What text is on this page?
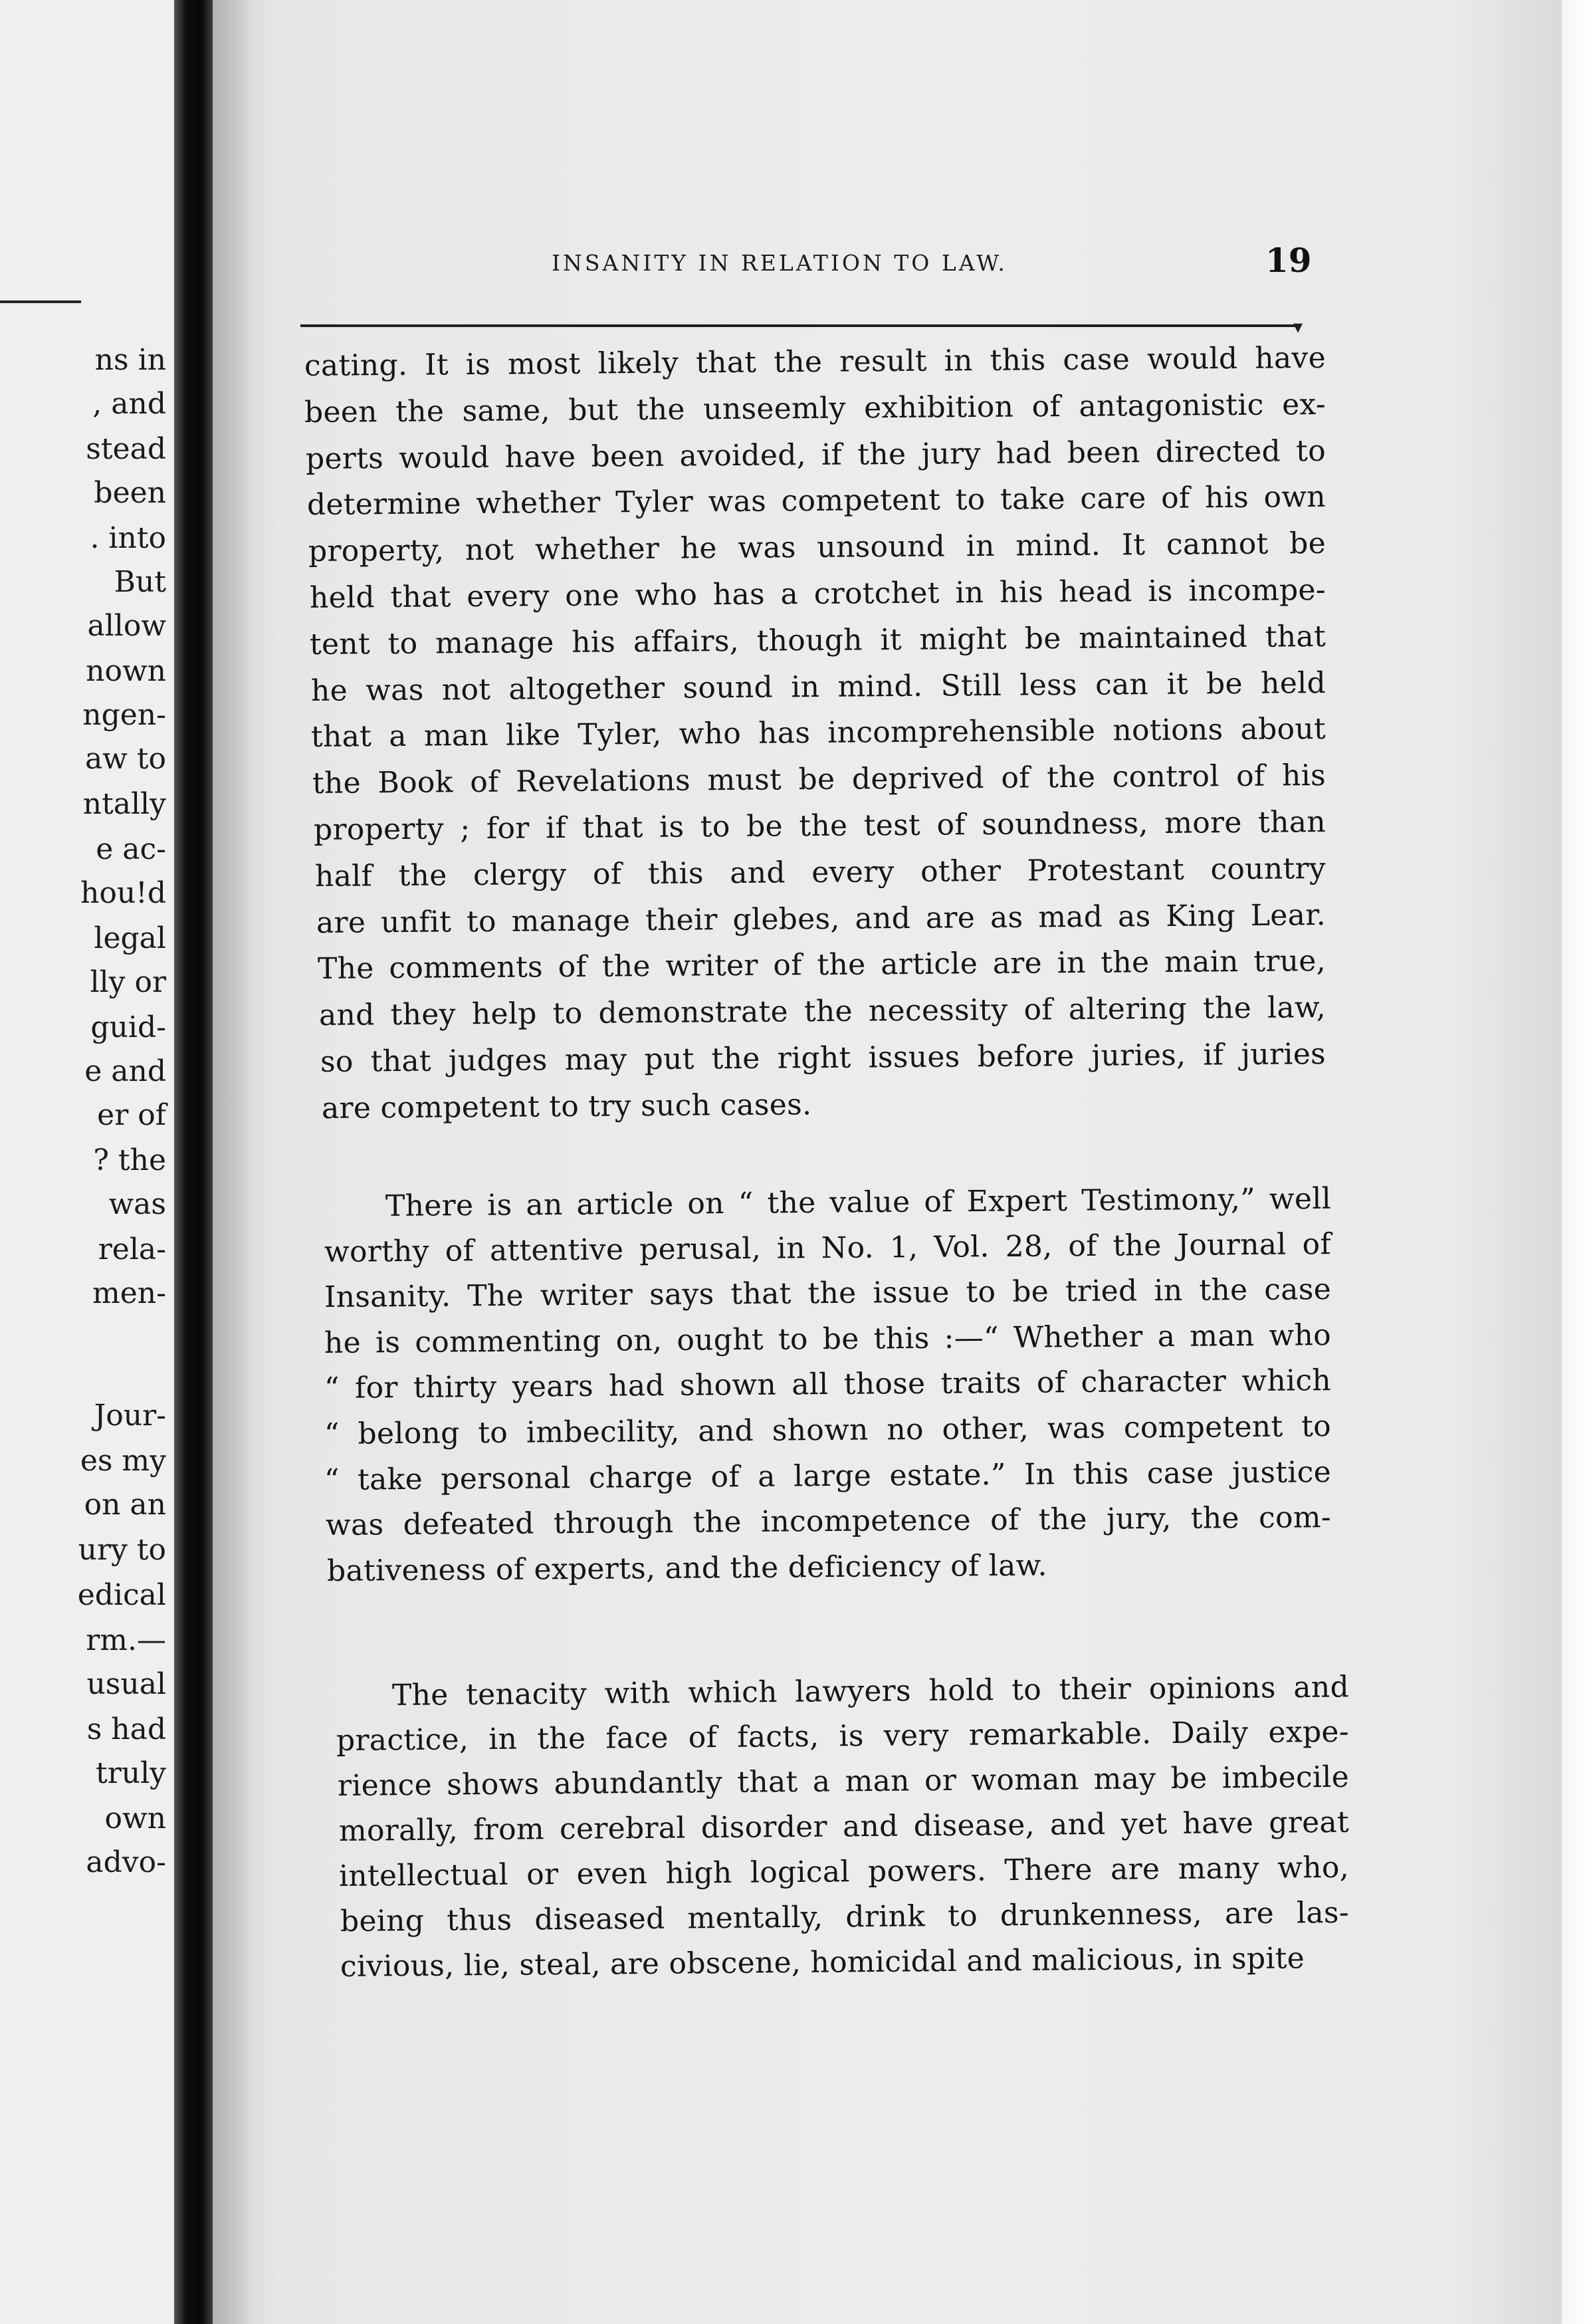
ns in
, and
stead
been
. into
But
allow
nown
ngen-
aw to
ntally
e ac-
hou!d
legal
lly or
guid-
e and
er of
? the
was
rela-
men-
Jour-
es my
on an
ury to
edical
rm.—
usual
s had
truly
own
advo-
INSANITY IN RELATION TO LAW.	19
▾
cating. It is most likely that the result in this case would have
been the same, but the unseemly exhibition of antagonistic ex-
perts would have been avoided, if the jury had been directed to
determine whether Tyler was competent to take care of his own
property, not whether he was unsound in mind. It cannot be
held that every one who has a crotchet in his head is incompe-
tent to manage his affairs, though it might be maintained that
he was not altogether sound in mind. Still less can it be held
that a man like Tyler, who has incomprehensible notions about
the Book of Revelations must be deprived of the control of his
property ; for if that is to be the test of soundness, more than
half the clergy of this and every other Protestant country
are unfit to manage their glebes, and are as mad as King Lear.
The comments of the writer of the article are in the main true,
and they help to demonstrate the necessity of altering the law,
so that judges may put the right issues before juries, if juries
are competent to try such cases.
There is an article on “ the value of Expert Testimony,” well
worthy of attentive perusal, in No. 1, Vol. 28, of the Journal of
Insanity. The writer says that the issue to be tried in the case
he is commenting on, ought to be this :—“ Whether a man who
“ for thirty years had shown all those traits of character which
“ belong to imbecility, and shown no other, was competent to
“ take personal charge of a large estate.” In this case justice
was defeated through the incompetence of the jury, the com-
bativeness of experts, and the deficiency of law.
The tenacity with which lawyers hold to their opinions and
practice, in the face of facts, is very remarkable. Daily expe-
rience shows abundantly that a man or woman may be imbecile
morally, from cerebral disorder and disease, and yet have great
intellectual or even high logical powers. There are many who,
being thus diseased mentally, drink to drunkenness, are las-
civious, lie, steal, are obscene, homicidal and malicious, in spite
